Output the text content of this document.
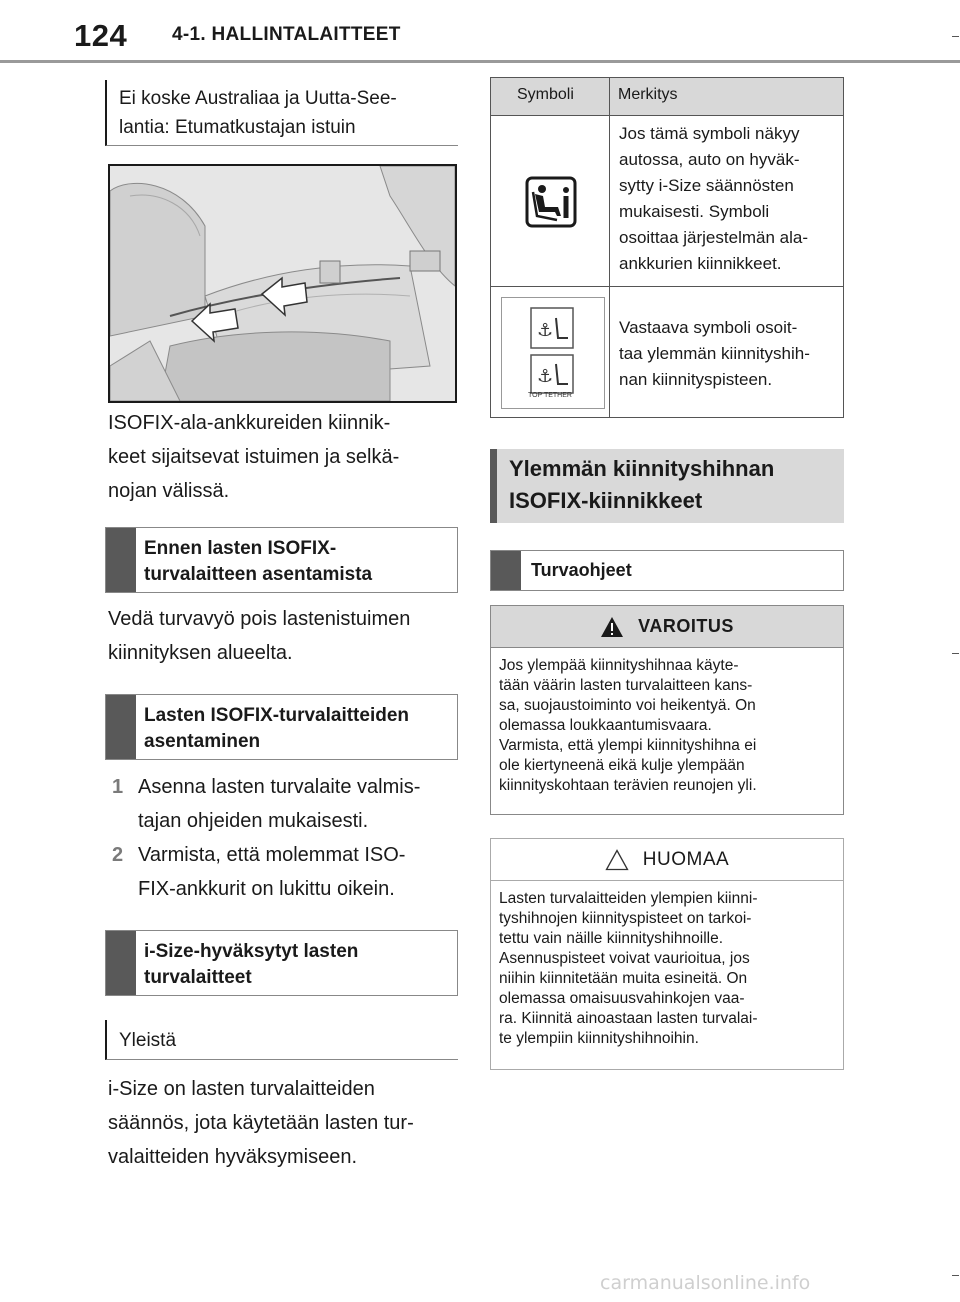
124 4-1. HALLINTALAITTEET
Ei koske Australiaa ja Uutta-See-
lantia: Etumatkustajan istuin
ISOFIX-ala-ankkureiden kiinnik-
keet sijaitsevat istuimen ja selkä-
nojan välissä.
Ennen lasten ISOFIX-
turvalaitteen asentamista
Vedä turvavyö pois lastenistuimen
kiinnityksen alueelta.
Lasten ISOFIX-turvalaitteiden
asentaminen
1 Asenna lasten turvalaite valmis-
tajan ohjeiden mukaisesti.
2 Varmista, että molemmat ISO-
FIX-ankkurit on lukittu oikein.
i-Size-hyväksytyt lasten
turvalaitteet
Yleistä
i-Size on lasten turvalaitteiden
säännös, jota käytetään lasten tur-
valaitteiden hyväksymiseen.
Symboli	Merkitys
Jos tämä symboli näkyy
autossa, auto on hyväk-
sytty i-Size säännösten
mukaisesti. Symboli
osoittaa järjestelmän ala-
ankkurien kiinnikkeet.
⚓
⚓
TOP TETHER
Vastaava symboli osoit-
taa ylemmän kiinnityshih-
nan kiinnityspisteen.
Ylemmän kiinnityshihnan
ISOFIX-kiinnikkeet
Turvaohjeet
VAROITUS
Jos ylempää kiinnityshihnaa käyte-
tään väärin lasten turvalaitteen kans-
sa, suojaustoiminto voi heikentyä. On
olemassa loukkaantumisvaara.
Varmista, että ylempi kiinnityshihna ei
ole kiertyneenä eikä kulje ylempään
kiinnityskohtaan terävien reunojen yli.
HUOMAA
Lasten turvalaitteiden ylempien kiinni-
tyshihnojen kiinnityspisteet on tarkoi-
tettu vain näille kiinnityshihnoille.
Asennuspisteet voivat vaurioitua, jos
niihin kiinnitetään muita esineitä. On
olemassa omaisuusvahinkojen vaa-
ra. Kiinnitä ainoastaan lasten turvalai-
te ylempiin kiinnityshihnoihin.
carmanualsonline.info
